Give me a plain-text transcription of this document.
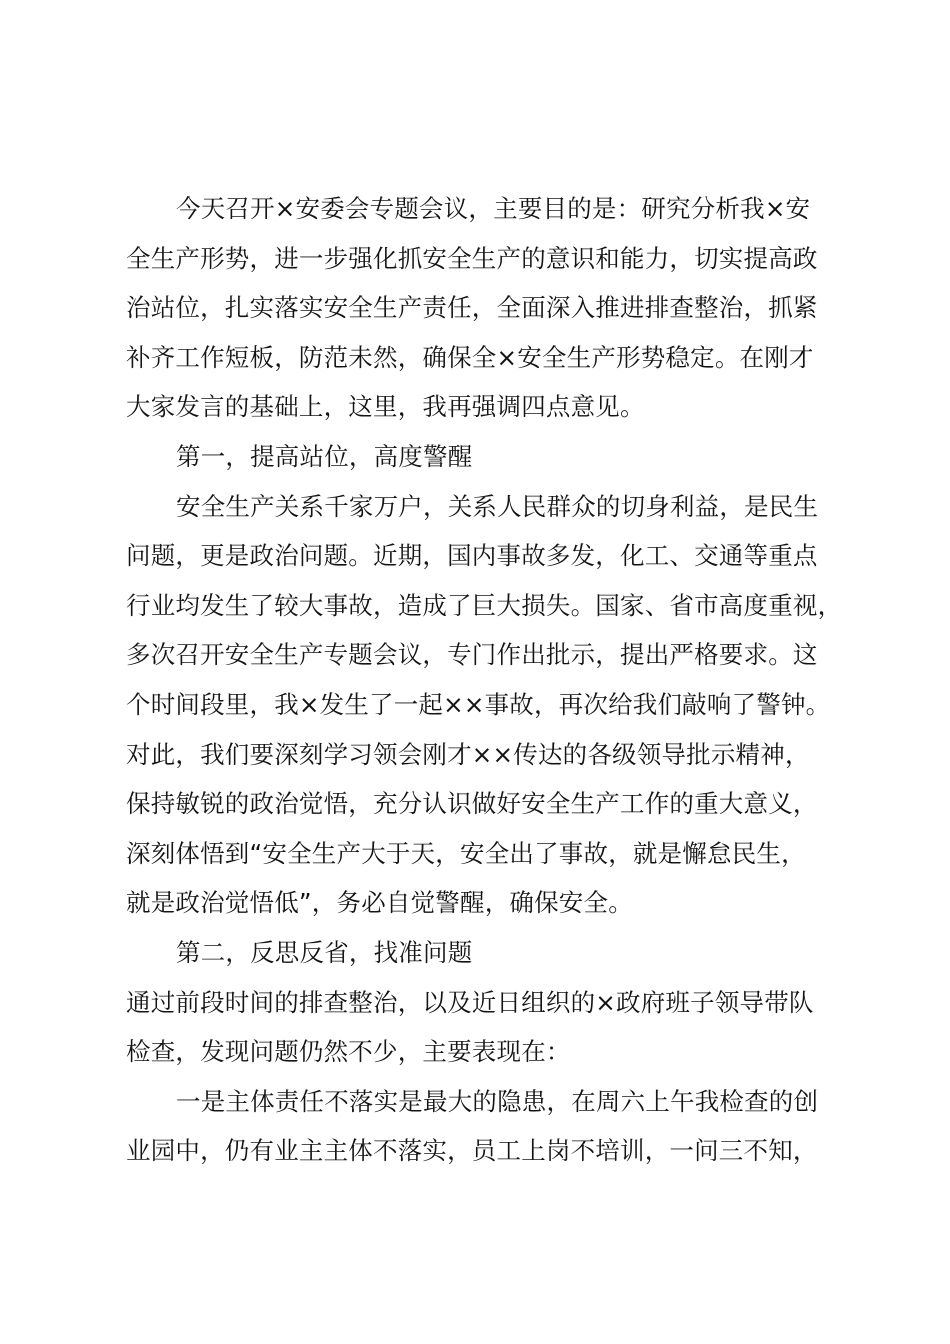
今天召开×安委会专题会议，主要目的是：研究分析我×安
全生产形势，进一步强化抓安全生产的意识和能力，切实提高政
治站位，扎实落实安全生产责任，全面深入推进排查整治，抓紧
补齐工作短板，防范未然，确保全×安全生产形势稳定。在刚才
大家发言的基础上，这里，我再强调四点意见。
第一，提高站位，高度警醒
安全生产关系千家万户，关系人民群众的切身利益，是民生
问题，更是政治问题。近期，国内事故多发，化工、交通等重点
行业均发生了较大事故，造成了巨大损失。国家、省市高度重视，
多次召开安全生产专题会议，专门作出批示，提出严格要求。这
个时间段里，我×发生了一起××事故，再次给我们敲响了警钟。
对此，我们要深刻学习领会刚才××传达的各级领导批示精神，
保持敏锐的政治觉悟，充分认识做好安全生产工作的重大意义，
深刻体悟到“安全生产大于天，安全出了事故，就是懈怠民生，
就是政治觉悟低”，务必自觉警醒，确保安全。
第二，反思反省，找准问题
通过前段时间的排查整治，以及近日组织的×政府班子领导带队
检查，发现问题仍然不少，主要表现在：
一是主体责任不落实是最大的隐患，在周六上午我检查的创
业园中，仍有业主主体不落实，员工上岗不培训，一问三不知，
